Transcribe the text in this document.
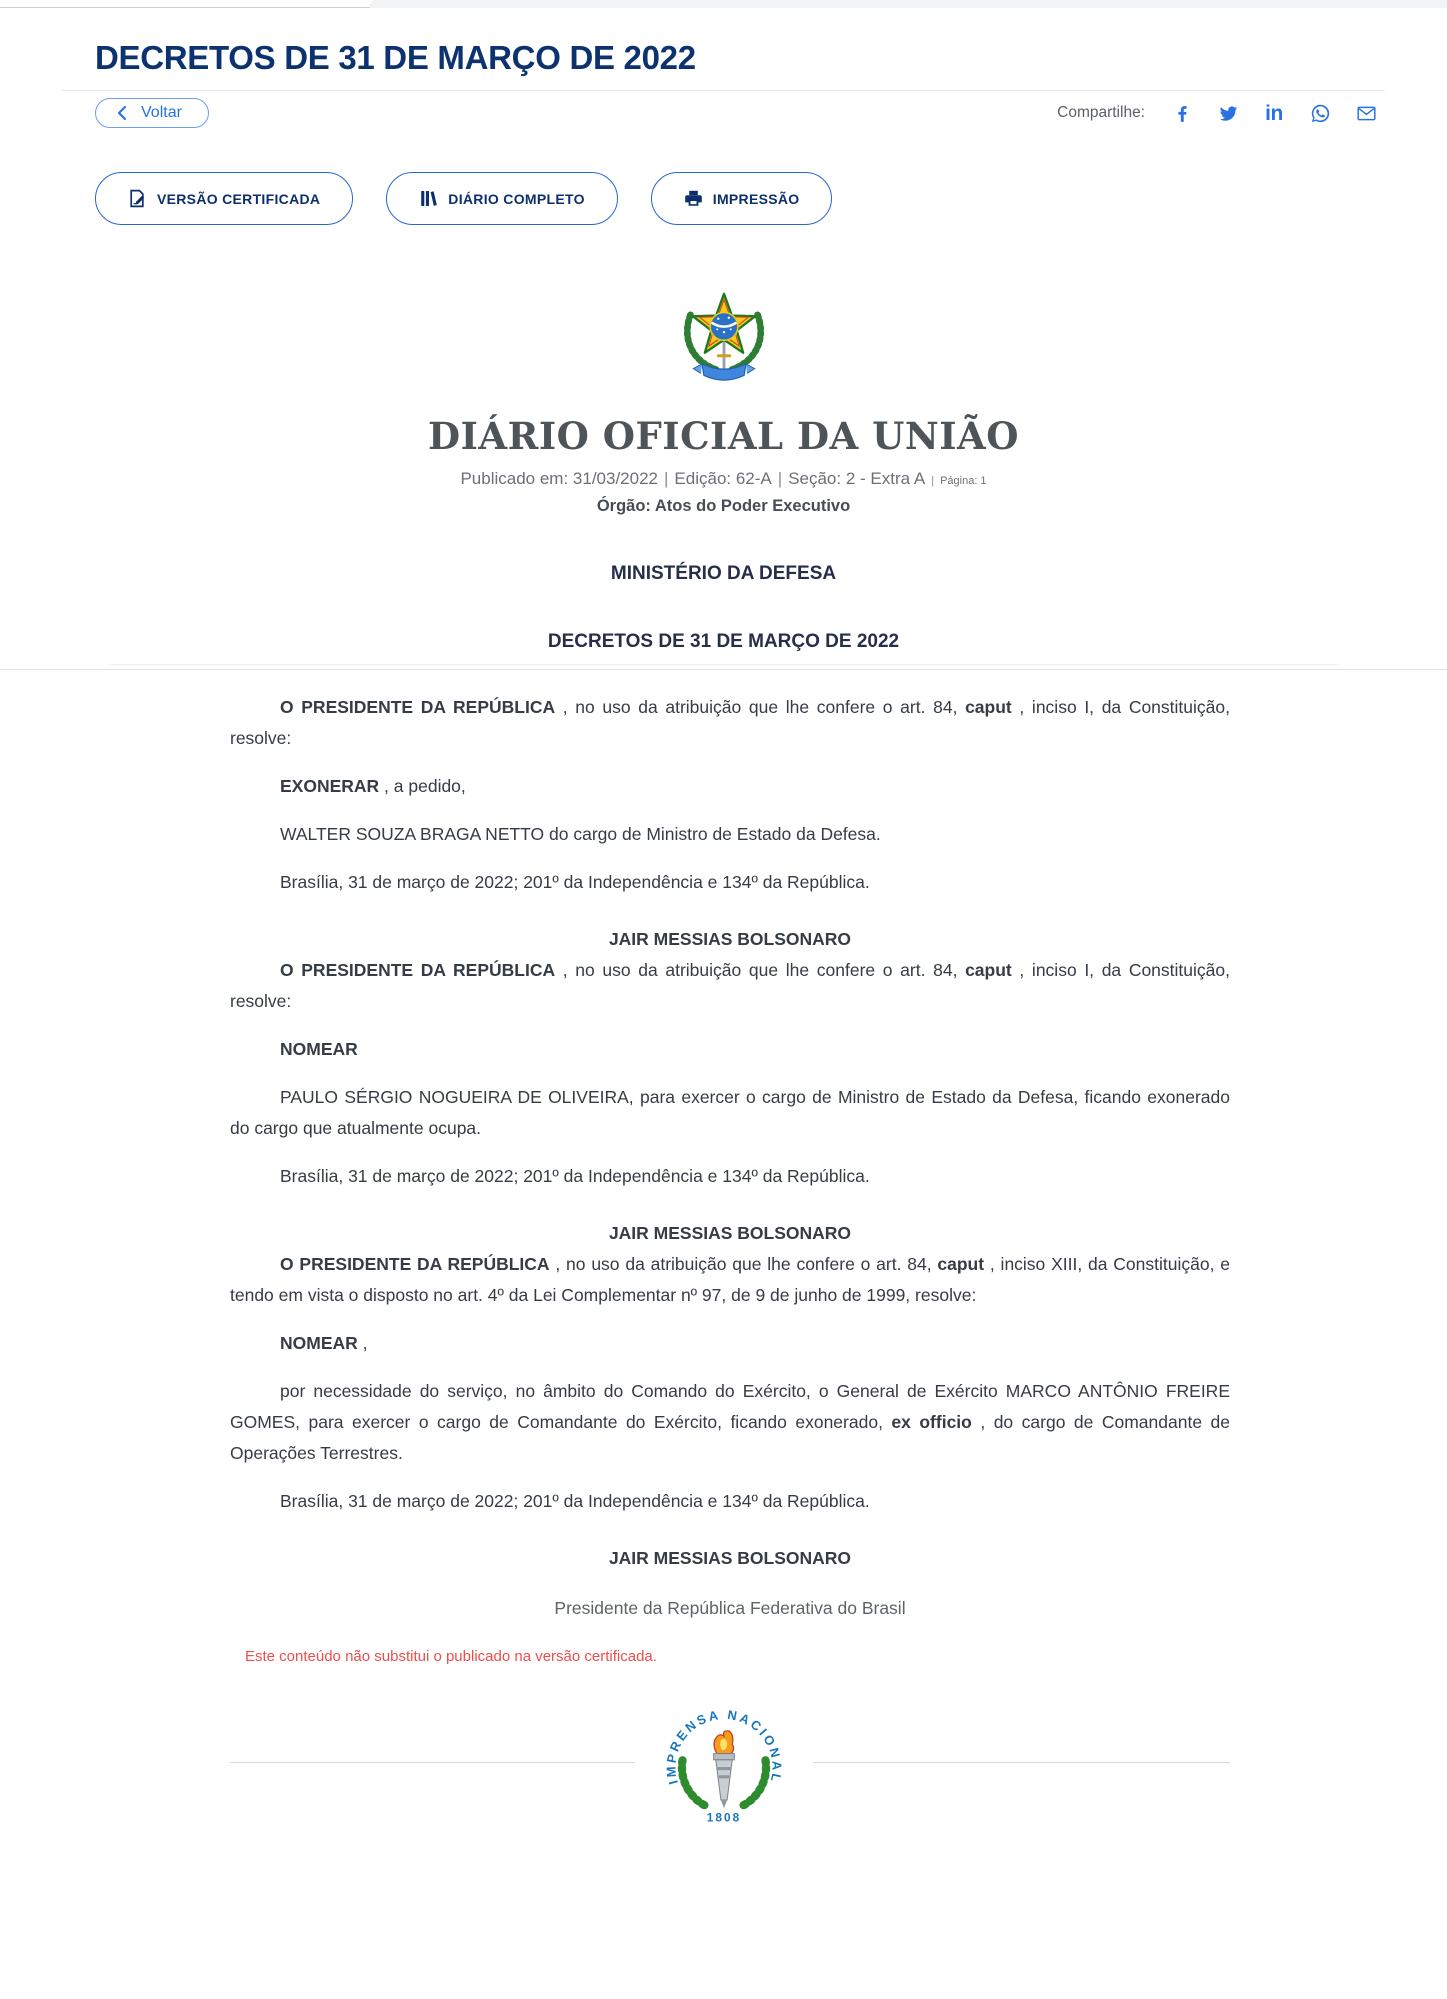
DECRETOS DE 31 DE MARÇO DE 2022
Voltar	Compartilhe:	in
VERSÃO CERTIFICADA	DIÁRIO COMPLETO	IMPRESSÃO
DIÁRIO OFICIAL DA UNIÃO
Publicado em: 31/03/2022 | Edição: 62-A | Seção: 2 - Extra A | Página: 1
Órgão: Atos do Poder Executivo
MINISTÉRIO DA DEFESA
DECRETOS DE 31 DE MARÇO DE 2022

O PRESIDENTE DA REPÚBLICA , no uso da atribuição que lhe confere o art. 84, caput , inciso I, da Constituição, resolve:

EXONERAR , a pedido,

WALTER SOUZA BRAGA NETTO do cargo de Ministro de Estado da Defesa.

Brasília, 31 de março de 2022; 201º da Independência e 134º da República.

JAIR MESSIAS BOLSONARO

O PRESIDENTE DA REPÚBLICA , no uso da atribuição que lhe confere o art. 84, caput , inciso I, da Constituição, resolve:

NOMEAR

PAULO SÉRGIO NOGUEIRA DE OLIVEIRA, para exercer o cargo de Ministro de Estado da Defesa, ficando exonerado do cargo que atualmente ocupa.

Brasília, 31 de março de 2022; 201º da Independência e 134º da República.

JAIR MESSIAS BOLSONARO

O PRESIDENTE DA REPÚBLICA , no uso da atribuição que lhe confere o art. 84, caput , inciso XIII, da Constituição, e tendo em vista o disposto no art. 4º da Lei Complementar nº 97, de 9 de junho de 1999, resolve:

NOMEAR ,

por necessidade do serviço, no âmbito do Comando do Exército, o General de Exército MARCO ANTÔNIO FREIRE GOMES, para exercer o cargo de Comandante do Exército, ficando exonerado, ex officio , do cargo de Comandante de Operações Terrestres.

Brasília, 31 de março de 2022; 201º da Independência e 134º da República.

JAIR MESSIAS BOLSONARO

Presidente da República Federativa do Brasil

Este conteúdo não substitui o publicado na versão certificada.
IMPRENSA NACIONAL
1808
